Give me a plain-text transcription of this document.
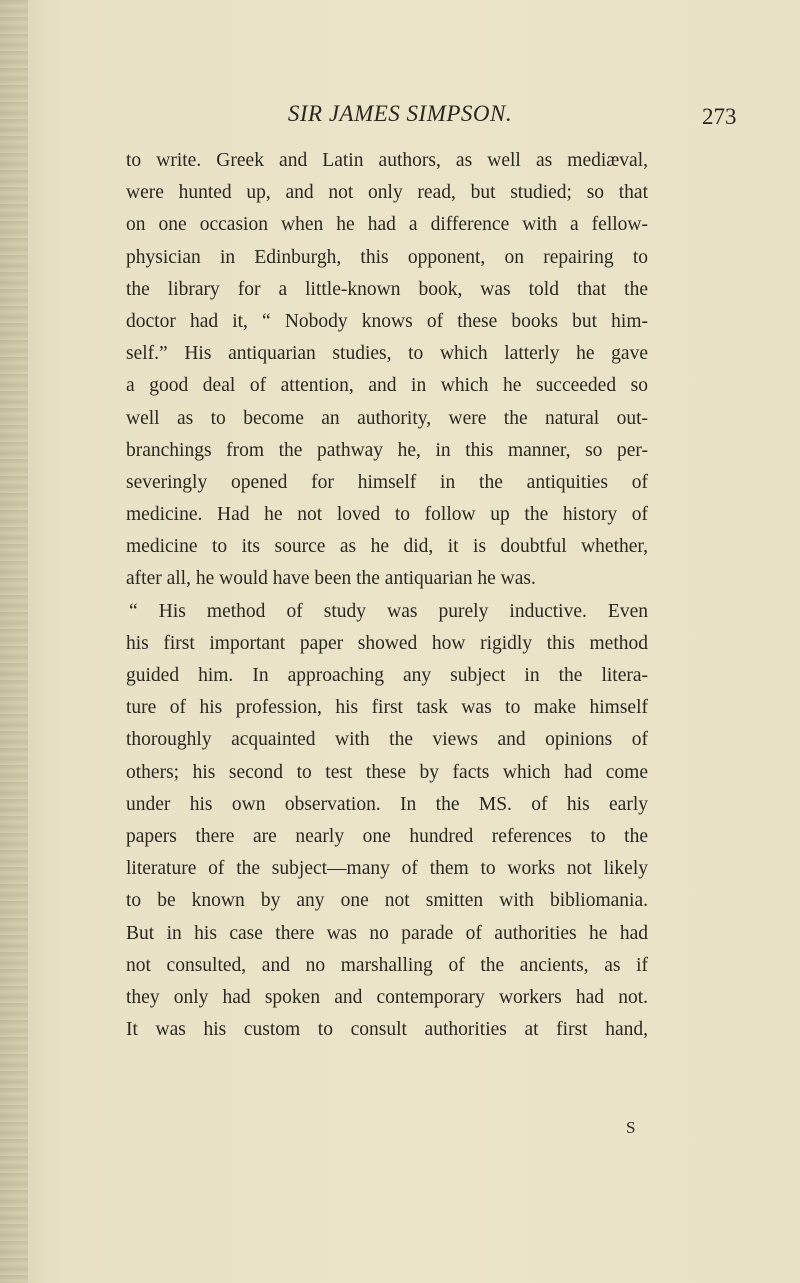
SIR JAMES SIMPSON.	273
to write. Greek and Latin authors, as well as mediæval,
were hunted up, and not only read, but studied; so that
on one occasion when he had a difference with a fellow-
physician in Edinburgh, this opponent, on repairing to
the library for a little-known book, was told that the
doctor had it, “ Nobody knows of these books but him-
self.” His antiquarian studies, to which latterly he gave
a good deal of attention, and in which he succeeded so
well as to become an authority, were the natural out-
branchings from the pathway he, in this manner, so per-
severingly opened for himself in the antiquities of
medicine. Had he not loved to follow up the history of
medicine to its source as he did, it is doubtful whether,
after all, he would have been the antiquarian he was.
“ His method of study was purely inductive. Even
his first important paper showed how rigidly this method
guided him. In approaching any subject in the litera-
ture of his profession, his first task was to make himself
thoroughly acquainted with the views and opinions of
others; his second to test these by facts which had come
under his own observation. In the MS. of his early
papers there are nearly one hundred references to the
literature of the subject—many of them to works not likely
to be known by any one not smitten with bibliomania.
But in his case there was no parade of authorities he had
not consulted, and no marshalling of the ancients, as if
they only had spoken and contemporary workers had not.
It was his custom to consult authorities at first hand,
S
